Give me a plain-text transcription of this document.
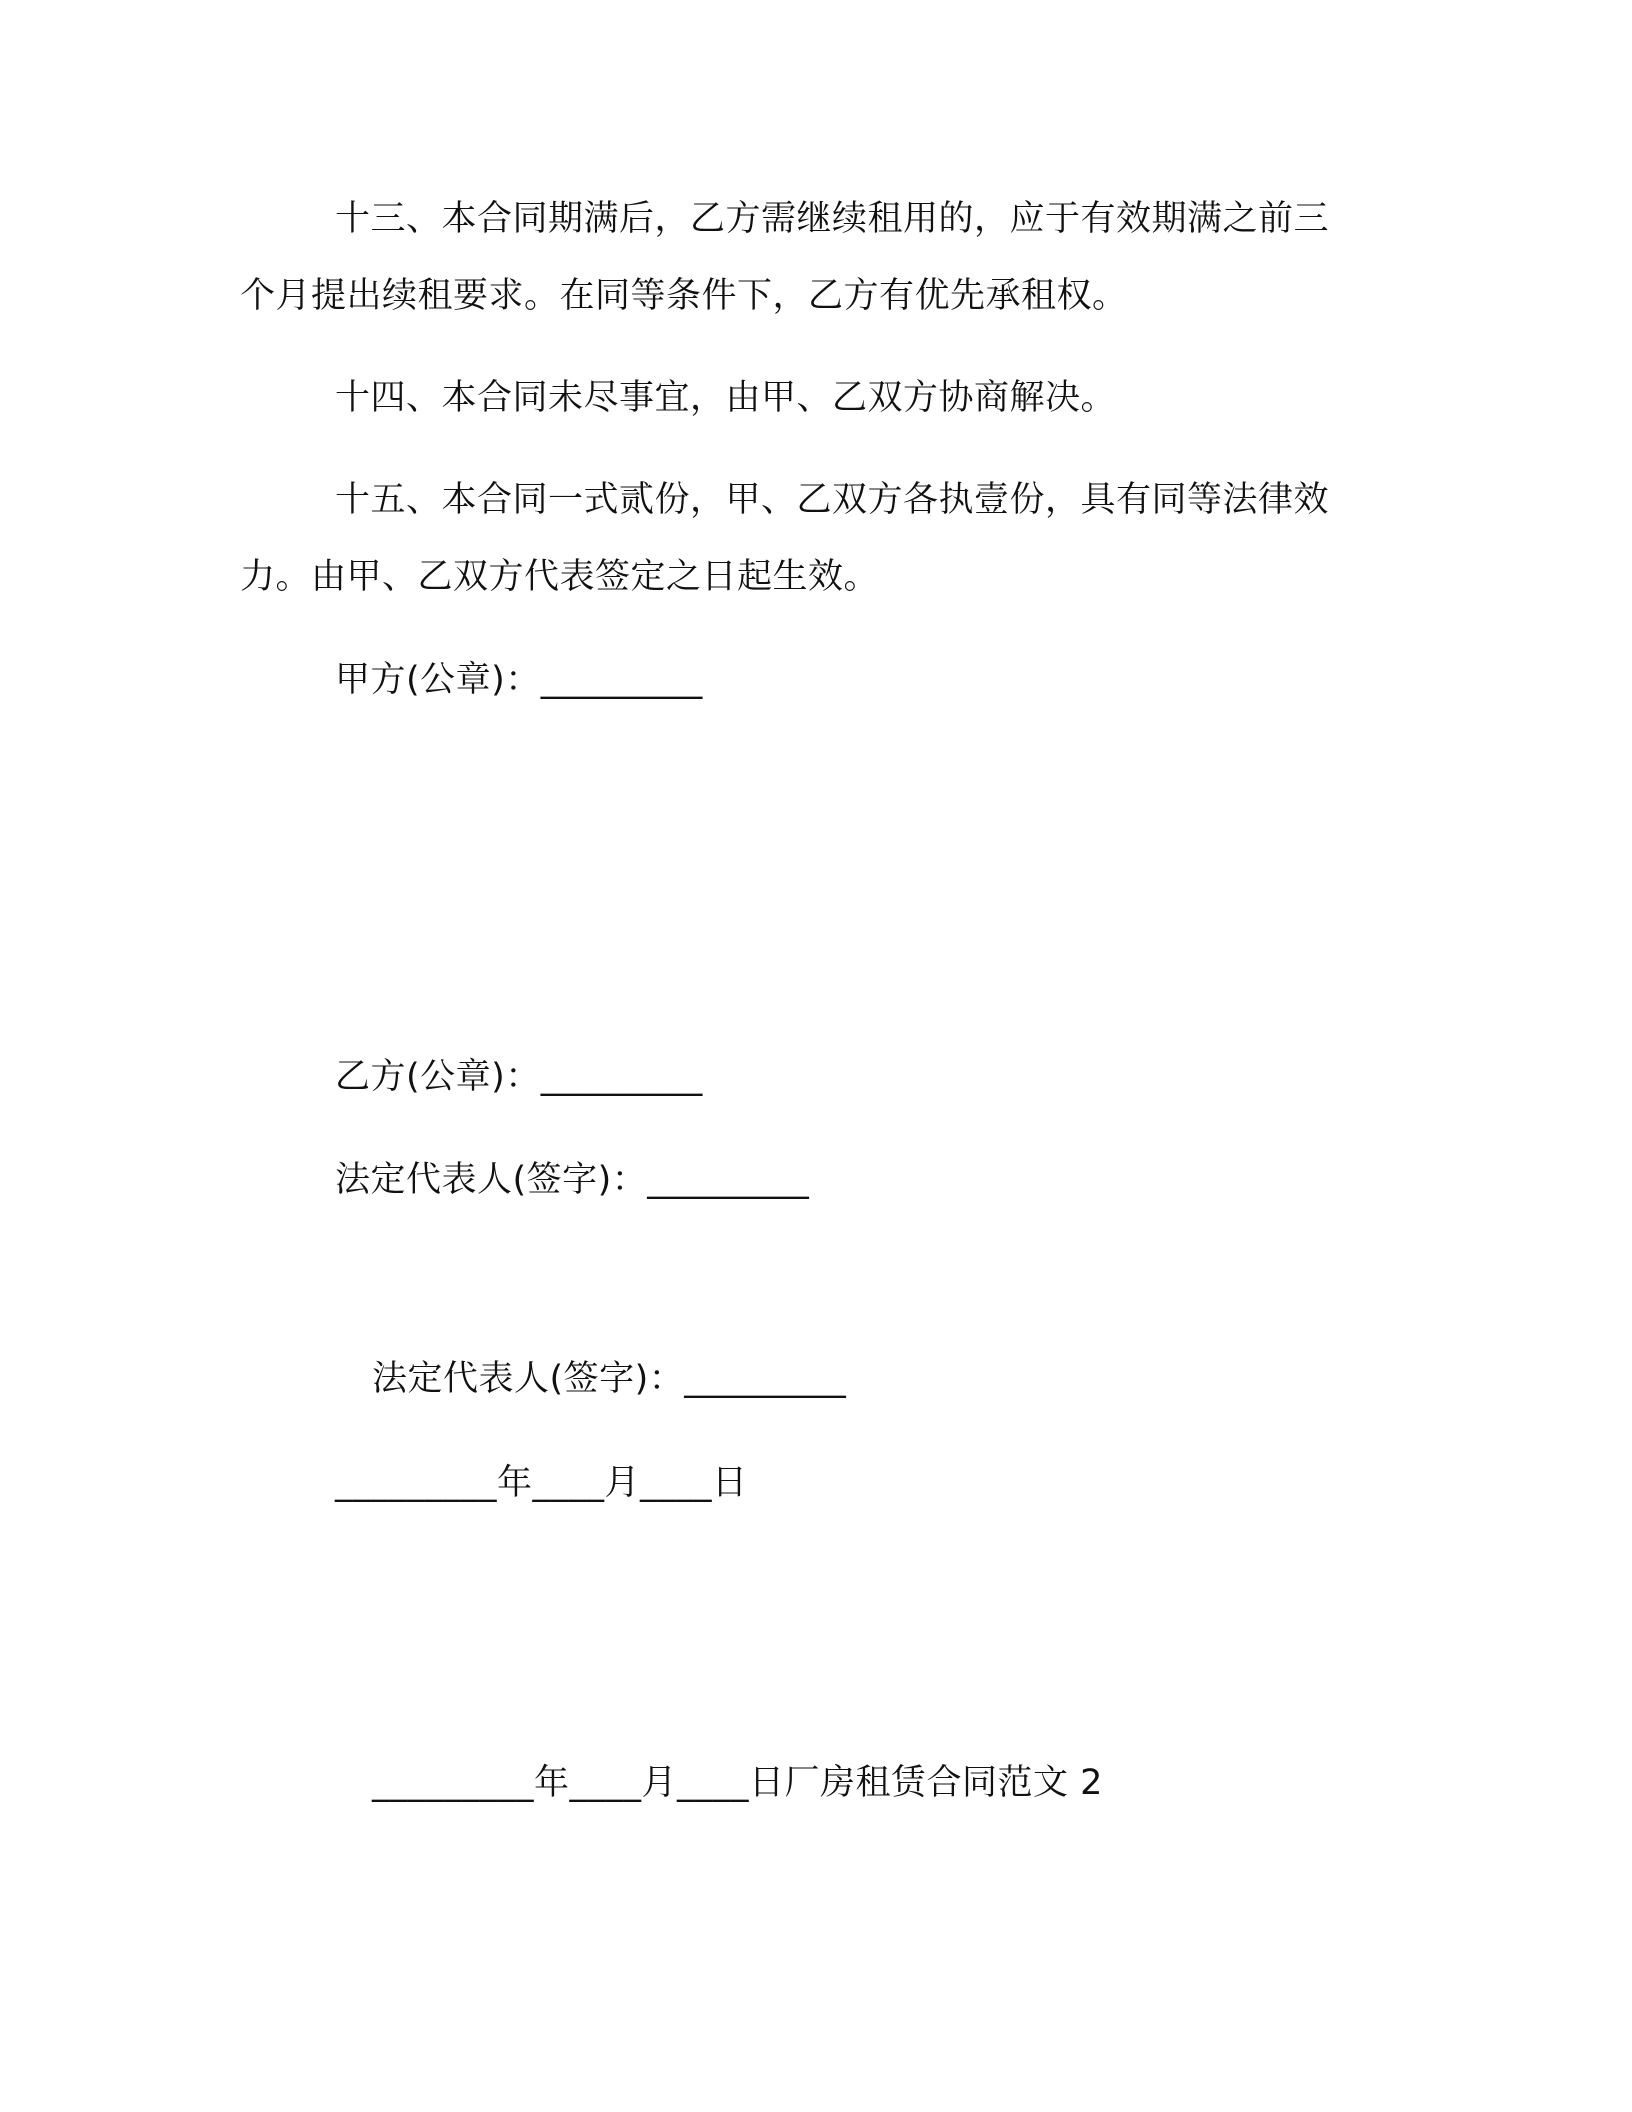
十三、本合同期满后，乙方需继续租用的，应于有效期满之前三
个月提出续租要求。在同等条件下，乙方有优先承租权。
十四、本合同未尽事宜，由甲、乙双方协商解决。
十五、本合同一式贰份，甲、乙双方各执壹份，具有同等法律效
力。由甲、乙双方代表签定之日起生效。
甲方(公章)：_________
乙方(公章)：_________
法定代表人(签字)：_________
法定代表人(签字)：_________
_________年____月____日
_________年____月____日厂房租赁合同范文 2
